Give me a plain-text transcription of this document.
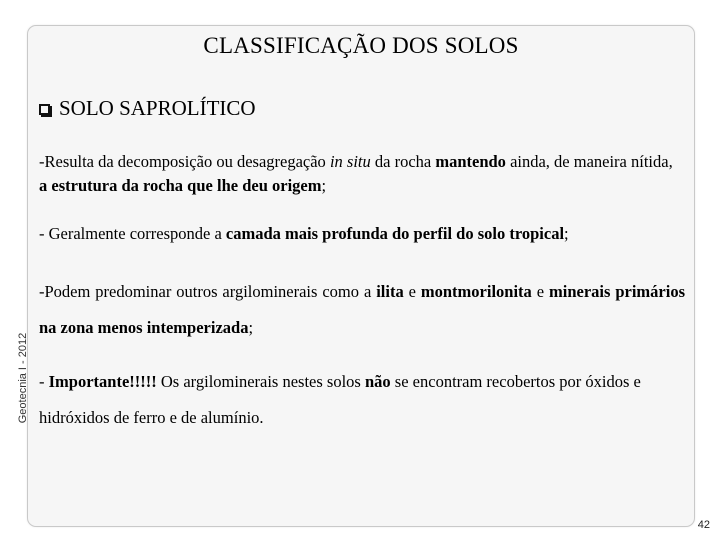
CLASSIFICAÇÃO DOS SOLOS
SOLO SAPROLÍTICO
-Resulta da decomposição ou desagregação in situ da rocha mantendo ainda, de maneira nítida, a estrutura da rocha que lhe deu origem;
- Geralmente corresponde a camada mais profunda do perfil do solo tropical;
-Podem predominar outros argilominerais como a ilita e montmorilonita e minerais primários na zona menos intemperizada;
- Importante!!!!! Os argilominerais nestes solos não se encontram recobertos por óxidos e hidróxidos de ferro e de alumínio.
Geotecnia I - 2012
42
